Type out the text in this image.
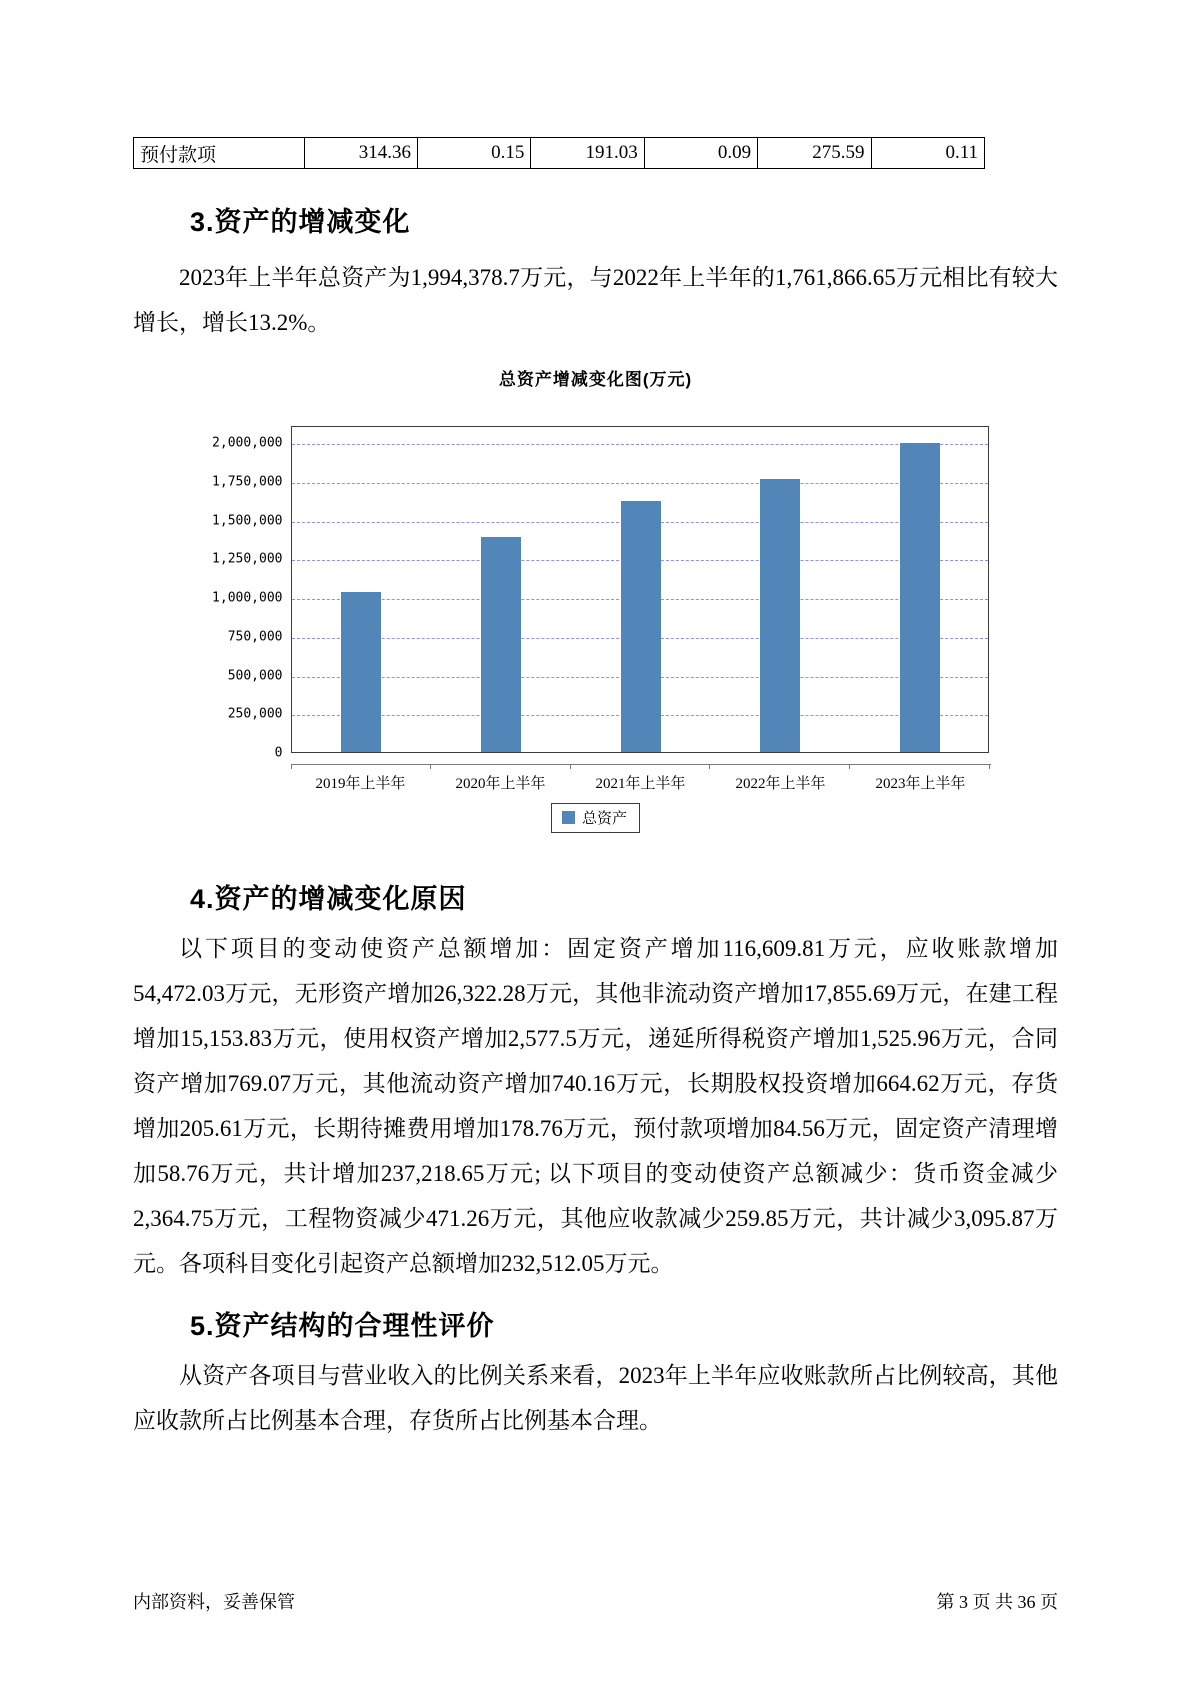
预付款项	314.36	0.15	191.03	0.09	275.59	0.11
3.资产的增减变化

2023年上半年总资产为1,994,378.7万元，与2022年上半年的1,761,866.65万元相比有较大增长，增长13.2%。

总资产增减变化图(万元)
250,000
500,000
750,000
1,000,000
1,250,000
1,500,000
1,750,000
2,000,000
0
2019年上半年	2020年上半年	2021年上半年	2022年上半年	2023年上半年
总资产
4.资产的增减变化原因

以下项目的变动使资产总额增加：固定资产增加116,609.81万元，应收账款增加54,472.03万元，无形资产增加26,322.28万元，其他非流动资产增加17,855.69万元，在建工程增加15,153.83万元，使用权资产增加2,577.5万元，递延所得税资产增加1,525.96万元，合同资产增加769.07万元，其他流动资产增加740.16万元，长期股权投资增加664.62万元，存货增加205.61万元，长期待摊费用增加178.76万元，预付款项增加84.56万元，固定资产清理增加58.76万元，共计增加237,218.65万元; 以下项目的变动使资产总额减少：货币资金减少2,364.75万元，工程物资减少471.26万元，其他应收款减少259.85万元，共计减少3,095.87万元。各项科目变化引起资产总额增加232,512.05万元。

5.资产结构的合理性评价

从资产各项目与营业收入的比例关系来看，2023年上半年应收账款所占比例较高，其他应收款所占比例基本合理，存货所占比例基本合理。

内部资料，妥善保管	第 3 页 共 36 页
